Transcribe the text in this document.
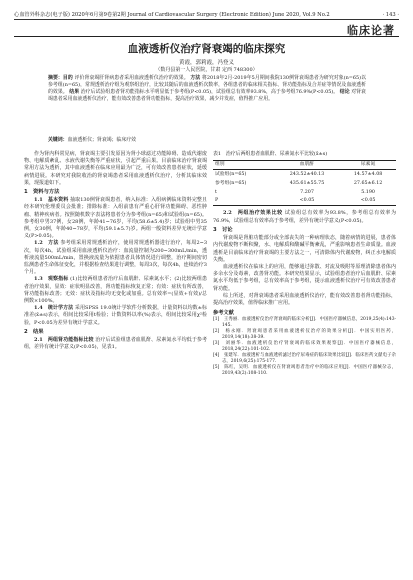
心血管外科杂志(电子版) 2020年6月第9卷第2期 Journal of Cardiovascular Surgery (Electronic Edition) June 2020, Vol.9 No.2	· 143 ·
临床论著
血液透析仪治疗肾衰竭的临床探究
黄霞，郭莉霞，冯登义
（数丹县第一人民医院，甘肃 定西 748300）
摘要：目的 评价肾衰竭肝肾病患者采用血液透析仪治疗的效果。 方法 将2018年2月-2019年5月期间我院130例肾衰竭患者为研究对象(n=65)以参考组(n=65)，常规透析治疗组为观察组治疗，比较其随后的血液透析次数率，各组患者的临床相关指标、肾功能指标及合并症等情况及血液透析的效果。 结果 治疗后试验组患者肾功能指标水平明显低于参考组(P<0.05)，试验组总有效率93.8%，高于参考组76.9%(P<0.05)。 结论 对肾衰竭患者采用血液透析仪治疗，能有效改善患者肾功能指标，提高治疗效果，减少并发症，值得推广应用。
关键词：血液透析仪；肾衰竭；临床疗效

作为肾内科常见病，肾衰竭主要引发原因为肾小球滤过功能障碍、造成代谢废物、电解质紊乱、水液代谢失衡等严重症状，引起严重后果。目前临床治疗肾衰竭常用方法为透析，其中血液透析在临床应用最为广泛，可有效改善患者症状，延缓病情进展。本研究对我院收治的肾衰竭患者采用血液透析仪治疗，分析其临床效果，现报道如下。

1　资料与方法

1.1　基本资料 抽取130例肾衰竭患者，纳入标准：入组病例临床资料完整且经本研究伦理委员会批准；排除标准：入组前患有严重心肝肾功能障碍、恶性肿瘤、精神疾病者。按照随机数字表法将患者分为参考组(n=65)和试验组(n=65)。参考组中男37例，女28例，年龄41~76岁，平均(58.6±5.4)岁；试验组中男35例，女30例，年龄40~78岁，平均(59.1±5.7)岁。两组一般资料差异无统计学意义(P>0.05)。

1.2　方法 参考组采用常规透析治疗，使用常规透析器进行治疗，每周2~3次，每次4h。试验组采用血液透析仪治疗：血流量控制为200~300mL/min，透析液流量500mL/min，置换液流量为依据患者具体情况进行调整，治疗期间密切监测患者生命体征变化，并根据检查结果进行调整，每周3次，每次4h，连续治疗3个月。

1.3　观察指标 (1)比较两组患者治疗后血肌酐、尿素氮水平；(2)比较两组患者治疗效果，显效：症状明显改善，肾功能指标恢复正常；有效：症状有所改善，肾功能指标改善；无效：症状及指标均无变化或加重。总有效率=(显效+有效)/总例数×100%。

1.4　统计学方法 采用SPSS 19.0统计学软件分析数据，计量资料以均数±标准差(x̄±s)表示，组间比较采用t检验；计数资料以率(%)表示，组间比较采用χ²检验，P<0.05为差异有统计学意义。

2　结果

2.1　两组肾功能指标比较 治疗后试验组患者血肌酐、尿素氮水平均低于参考组，差异有统计学意义(P<0.05)，见表1。

表1　治疗后两组患者血肌酐、尿素氮水平比较(x̄±s)
组别	血肌酐	尿素氮
试验组(n=65)	243.52±40.13	14.57±4.08
参考组(n=65)	435.61±55.75	27.65±6.12
t	7.207	5.190
P	<0.05	<0.05

2.2　两组治疗效果比较 试验组总有效率为93.8%，参考组总有效率为76.9%，试验组总有效率高于参考组，差异有统计学意义(P<0.05)。

3　讨论

肾衰竭是肾脏功能部分或全部丧失的一种病理状态，随着病情的进展，患者体内代谢废物不断积聚，水、电解质和酸碱平衡紊乱，严重影响患者生命质量。血液透析是目前临床治疗肾衰竭的主要方法之一，可清除体内代谢废物，纠正水电解质失衡。

血液透析仪在临床上的应用，能够通过弥散、对流及吸附等原理清除患者体内多余水分及毒素，改善肾功能。本研究结果显示，试验组患者治疗后血肌酐、尿素氮水平均低于参考组，总有效率高于参考组，提示血液透析仪治疗可有效改善患者肾功能。

综上所述，对肾衰竭患者采用血液透析仪治疗，能有效改善患者肾功能指标，提高治疗效果，值得临床推广应用。

参考文献
[1]　王秀丽．血液透析仪治疗肾衰竭的临床分析[J]．中国医疗器械信息，2019,25(4):143-145.
[2]　杨永刚．肾衰竭患者采用血液透析仪治疗的效果分析[J]．中国实用医药，2019,14(18):38-39.
[3]　刘丽华．血液透析仪治疗肾衰竭的临床效果观察[J]．中国医疗器械信息，2018,24(22):101-102.
[4]　张建军．血液透析与血液透析滤过治疗尿毒症的临床效果比较[J]．临床医药文献电子杂志，2019,6(25):175-177.
[5]　陈红，吴明．血液透析仪在肾衰竭患者治疗中的临床应用[J]．中国医疗器械杂志，2019,43(2):108-110.
